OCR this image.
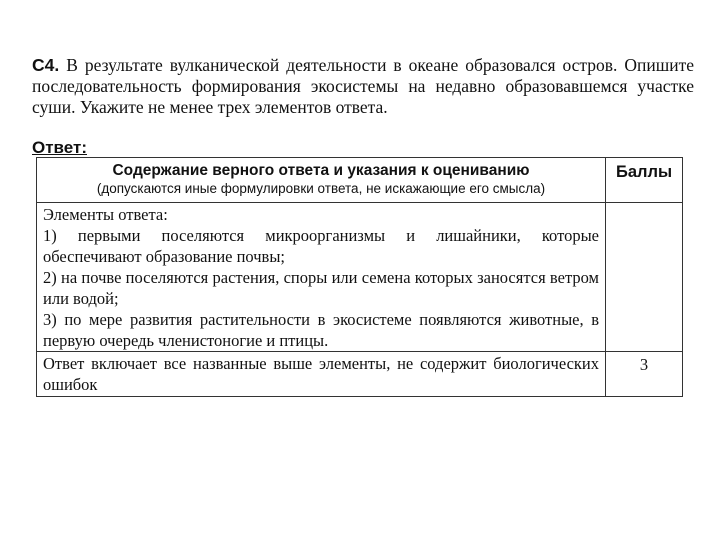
С4. В результате вулканической деятельности в океане образовался остров. Опишите последовательность формирования экосистемы на недавно образовавшемся участке суши. Укажите не менее трех элементов ответа.
Ответ:
Содержание верного ответа и указания к оцениванию
(допускаются иные формулировки ответа, не искажающие его смысла)	Баллы

Элементы ответа:

1) первыми поселяются микроорганизмы и лишайники, которые обеспечивают образование почвы;

2) на почве поселяются растения, споры или семена которых заносятся ветром или водой;

3) по мере развития растительности в экосистеме появляются животные, в первую очередь членистоногие и птицы.	

Ответ включает все названные выше элементы, не содержит биологических ошибок	3
